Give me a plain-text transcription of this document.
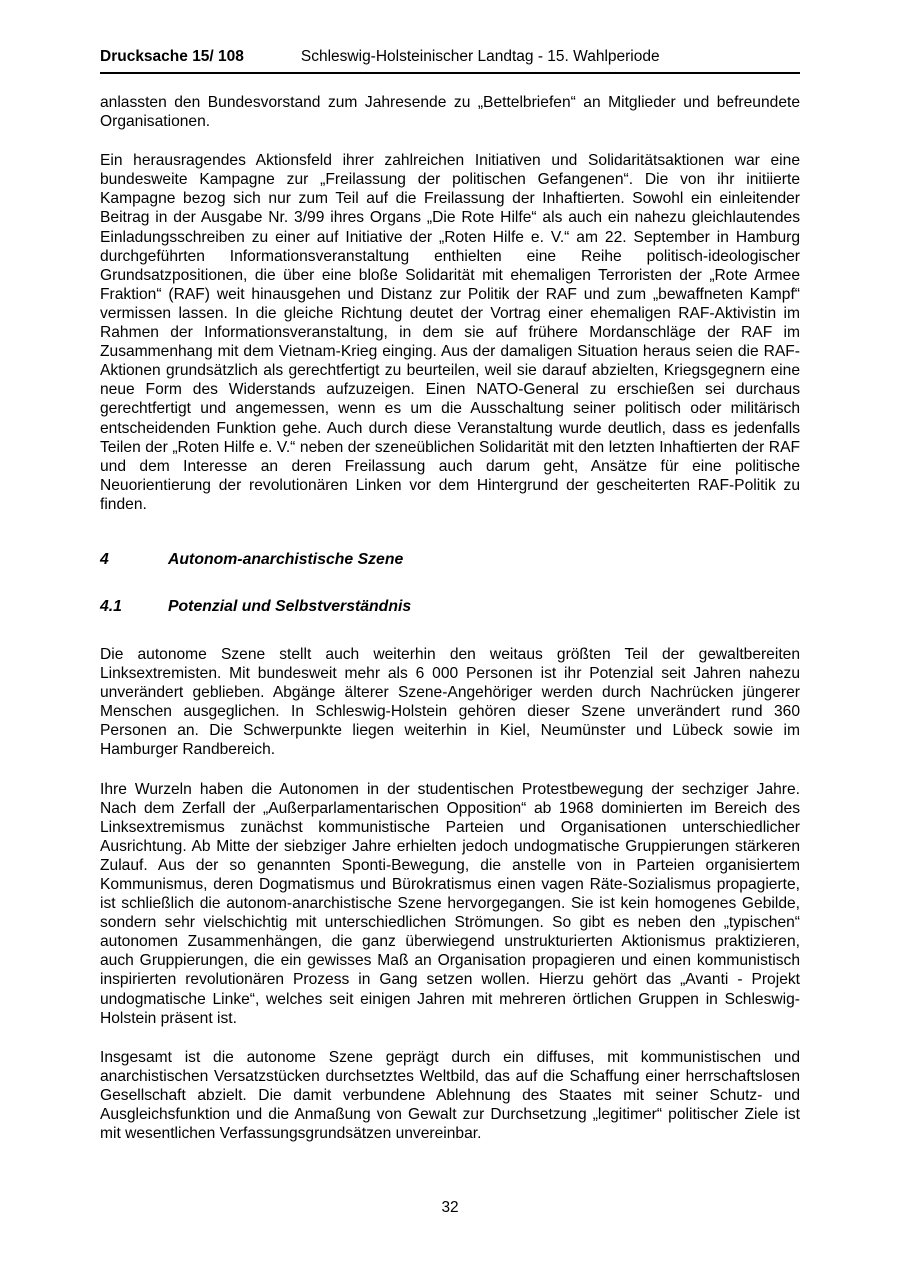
Drucksache 15/ 108	Schleswig-Holsteinischer Landtag - 15. Wahlperiode

anlassten den Bundesvorstand zum Jahresende zu „Bettelbriefen“ an Mitglieder und befreundete Organisationen.

Ein herausragendes Aktionsfeld ihrer zahlreichen Initiativen und Solidaritätsaktionen war eine bundesweite Kampagne zur „Freilassung der politischen Gefangenen“. Die von ihr initiierte Kampagne bezog sich nur zum Teil auf die Freilassung der Inhaftierten. Sowohl ein einleitender Beitrag in der Ausgabe Nr. 3/99 ihres Organs „Die Rote Hilfe“ als auch ein nahezu gleichlautendes Einladungsschreiben zu einer auf Initiative der „Roten Hilfe e. V.“ am 22. September in Hamburg durchgeführten Informationsveranstaltung enthielten eine Reihe politisch-ideologischer Grundsatzpositionen, die über eine bloße Solidarität mit ehemaligen Terroristen der „Rote Armee Fraktion“ (RAF) weit hinausgehen und Distanz zur Politik der RAF und zum „bewaffneten Kampf“ vermissen lassen. In die gleiche Richtung deutet der Vortrag einer ehemaligen RAF-Aktivistin im Rahmen der Informationsveranstaltung, in dem sie auf frühere Mordanschläge der RAF im Zusammenhang mit dem Vietnam-Krieg einging. Aus der damaligen Situation heraus seien die RAF-Aktionen grundsätzlich als gerechtfertigt zu beurteilen, weil sie darauf abzielten, Kriegsgegnern eine neue Form des Widerstands aufzuzeigen. Einen NATO-General zu erschießen sei durchaus gerechtfertigt und angemessen, wenn es um die Ausschaltung seiner politisch oder militärisch entscheidenden Funktion gehe. Auch durch diese Veranstaltung wurde deutlich, dass es jedenfalls Teilen der „Roten Hilfe e. V.“ neben der szeneüblichen Solidarität mit den letzten Inhaftierten der RAF und dem Interesse an deren Freilassung auch darum geht, Ansätze für eine politische Neuorientierung der revolutionären Linken vor dem Hintergrund der gescheiterten RAF-Politik zu finden.

4	Autonom-anarchistische Szene
4.1	Potenzial und Selbstverständnis

Die autonome Szene stellt auch weiterhin den weitaus größten Teil der gewaltbereiten Linksextremisten. Mit bundesweit mehr als 6 000 Personen ist ihr Potenzial seit Jahren nahezu unverändert geblieben. Abgänge älterer Szene-Angehöriger werden durch Nachrücken jüngerer Menschen ausgeglichen. In Schleswig-Holstein gehören dieser Szene unverändert rund 360 Personen an. Die Schwerpunkte liegen weiterhin in Kiel, Neumünster und Lübeck sowie im Hamburger Randbereich.

Ihre Wurzeln haben die Autonomen in der studentischen Protestbewegung der sechziger Jahre. Nach dem Zerfall der „Außerparlamentarischen Opposition“ ab 1968 dominierten im Bereich des Linksextremismus zunächst kommunistische Parteien und Organisationen unterschiedlicher Ausrichtung. Ab Mitte der siebziger Jahre erhielten jedoch undogmatische Gruppierungen stärkeren Zulauf. Aus der so genannten Sponti-Bewegung, die anstelle von in Parteien organisiertem Kommunismus, deren Dogmatismus und Bürokratismus einen vagen Räte-Sozialismus propagierte, ist schließlich die autonom-anarchistische Szene hervorgegangen. Sie ist kein homogenes Gebilde, sondern sehr vielschichtig mit unterschiedlichen Strömungen. So gibt es neben den „typischen“ autonomen Zusammenhängen, die ganz überwiegend unstrukturierten Aktionismus praktizieren, auch Gruppierungen, die ein gewisses Maß an Organisation propagieren und einen kommunistisch inspirierten revolutionären Prozess in Gang setzen wollen. Hierzu gehört das „Avanti - Projekt undogmatische Linke“, welches seit einigen Jahren mit mehreren örtlichen Gruppen in Schleswig-Holstein präsent ist.

Insgesamt ist die autonome Szene geprägt durch ein diffuses, mit kommunistischen und anarchistischen Versatzstücken durchsetztes Weltbild, das auf die Schaffung einer herrschaftslosen Gesellschaft abzielt. Die damit verbundene Ablehnung des Staates mit seiner Schutz- und Ausgleichsfunktion und die Anmaßung von Gewalt zur Durchsetzung „legitimer“ politischer Ziele ist mit wesentlichen Verfassungsgrundsätzen unvereinbar.

32
